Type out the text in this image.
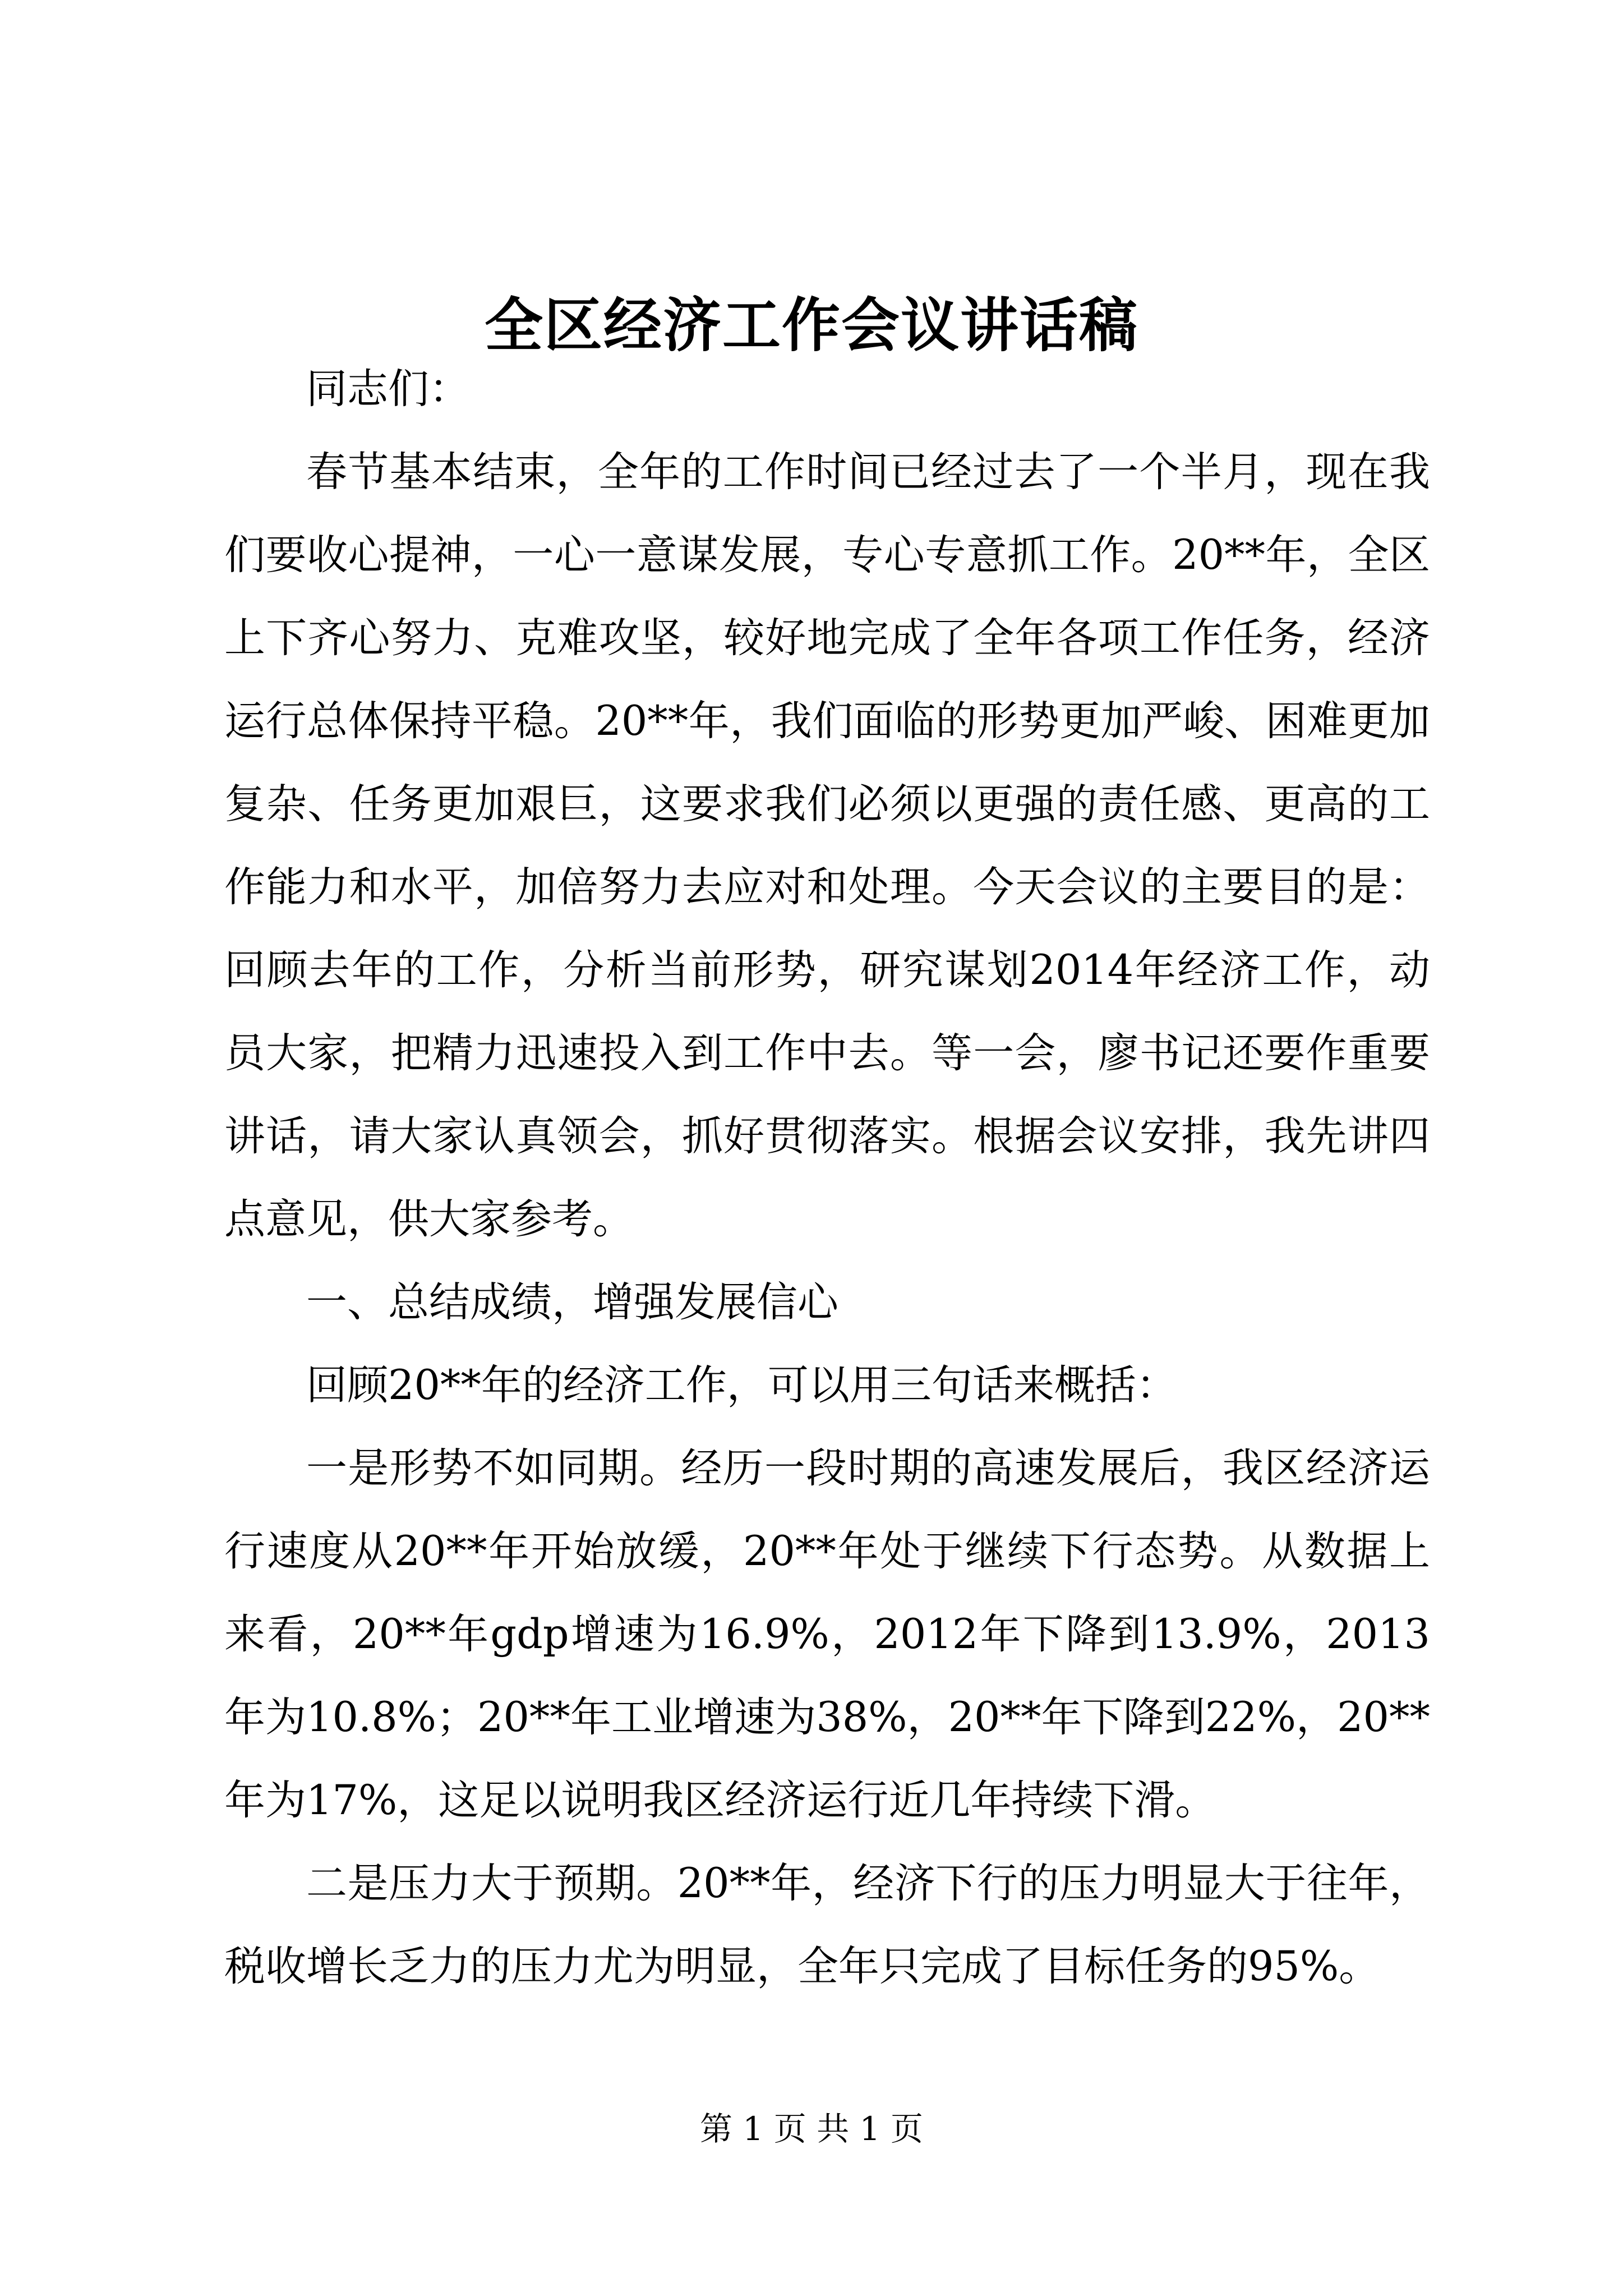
全区经济工作会议讲话稿

同志们：

春节基本结束，全年的工作时间已经过去了一个半月，现在我们要收心提神，一心一意谋发展，专心专意抓工作。20**年，全区上下齐心努力、克难攻坚，较好地完成了全年各项工作任务，经济运行总体保持平稳。20**年，我们面临的形势更加严峻、困难更加复杂、任务更加艰巨，这要求我们必须以更强的责任感、更高的工作能力和水平，加倍努力去应对和处理。今天会议的主要目的是：回顾去年的工作，分析当前形势，研究谋划2014年经济工作，动员大家，把精力迅速投入到工作中去。等一会，廖书记还要作重要讲话，请大家认真领会，抓好贯彻落实。根据会议安排，我先讲四点意见，供大家参考。

一、总结成绩，增强发展信心

回顾20**年的经济工作，可以用三句话来概括：

一是形势不如同期。经历一段时期的高速发展后，我区经济运行速度从20**年开始放缓，20**年处于继续下行态势。从数据上来看，20**年gdp增速为16.9%，2012年下降到13.9%，2013年为10.8%；20**年工业增速为38%，20**年下降到22%，20**年为17%，这足以说明我区经济运行近几年持续下滑。

二是压力大于预期。20**年，经济下行的压力明显大于往年，税收增长乏力的压力尤为明显，全年只完成了目标任务的95%。

第 1 页 共 1 页
